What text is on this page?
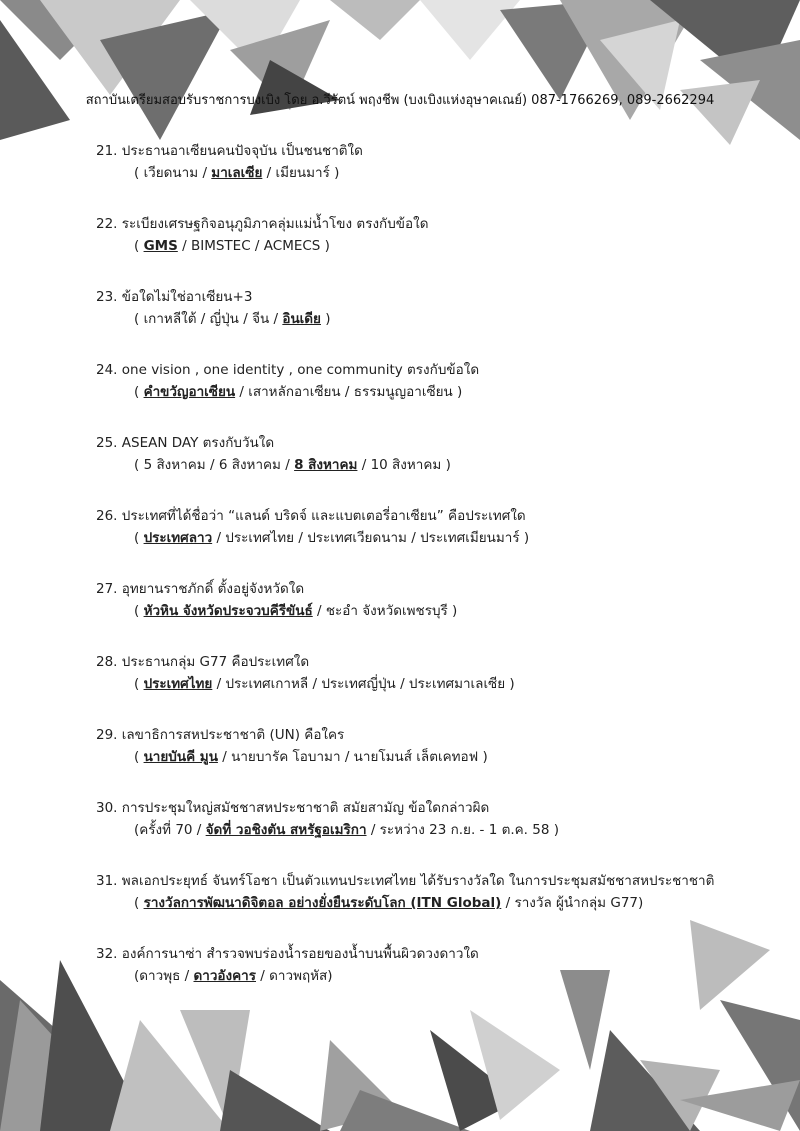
สถาบันเตรียมสอบรับราชการบงเบิง โดย อ.วีรัตน์ พฤงชีพ (บงเบิงแห่งอุษาคเณย์) 087-1766269, 089-2662294
21. ประธานอาเซียนคนปัจจุบัน เป็นชนชาติใด
( เวียดนาม / มาเลเซีย / เมียนมาร์ )
22. ระเบียงเศรษฐกิจอนุภูมิภาคลุ่มแม่น้ำโขง ตรงกับข้อใด
( GMS / BIMSTEC / ACMECS )
23. ข้อใดไม่ใช่อาเซียน+3
( เกาหลีใต้ / ญี่ปุ่น / จีน / อินเดีย )
24. one vision , one identity , one community ตรงกับข้อใด
( คำขวัญอาเซียน / เสาหลักอาเซียน / ธรรมนูญอาเซียน )
25. ASEAN DAY ตรงกับวันใด
( 5 สิงหาคม / 6 สิงหาคม / 8 สิงหาคม / 10 สิงหาคม )
26. ประเทศที่ได้ชื่อว่า “แลนด์ บริดจ์ และแบตเตอรี่อาเซียน” คือประเทศใด
( ประเทศลาว / ประเทศไทย / ประเทศเวียดนาม / ประเทศเมียนมาร์ )
27. อุทยานราชภักดิ์ ตั้งอยู่จังหวัดใด
( หัวหิน จังหวัดประจวบคีรีขันธ์ / ชะอำ จังหวัดเพชรบุรี )
28. ประธานกลุ่ม G77 คือประเทศใด
( ประเทศไทย / ประเทศเกาหลี / ประเทศญี่ปุ่น / ประเทศมาเลเซีย )
29. เลขาธิการสหประชาชาติ (UN) คือใคร
( นายบันคี มูน / นายบารัค โอบามา / นายโมนส์ เล็ตเคทอฟ )
30. การประชุมใหญ่สมัชชาสหประชาชาติ สมัยสามัญ ข้อใดกล่าวผิด
(ครั้งที่ 70 / จัดที่ วอชิงตัน สหรัฐอเมริกา / ระหว่าง 23 ก.ย. - 1 ต.ค. 58 )
31. พลเอกประยุทธ์ จันทร์โอชา เป็นตัวแทนประเทศไทย ได้รับรางวัลใด ในการประชุมสมัชชาสหประชาชาติ
( รางวัลการพัฒนาดิจิตอล อย่างยั่งยืนระดับโลก (ITN Global) / รางวัล ผู้นำกลุ่ม G77)
32. องค์การนาซ่า สำรวจพบร่องน้ำรอยของน้ำบนพื้นผิวดวงดาวใด
(ดาวพุธ / ดาวอังคาร / ดาวพฤหัส)
